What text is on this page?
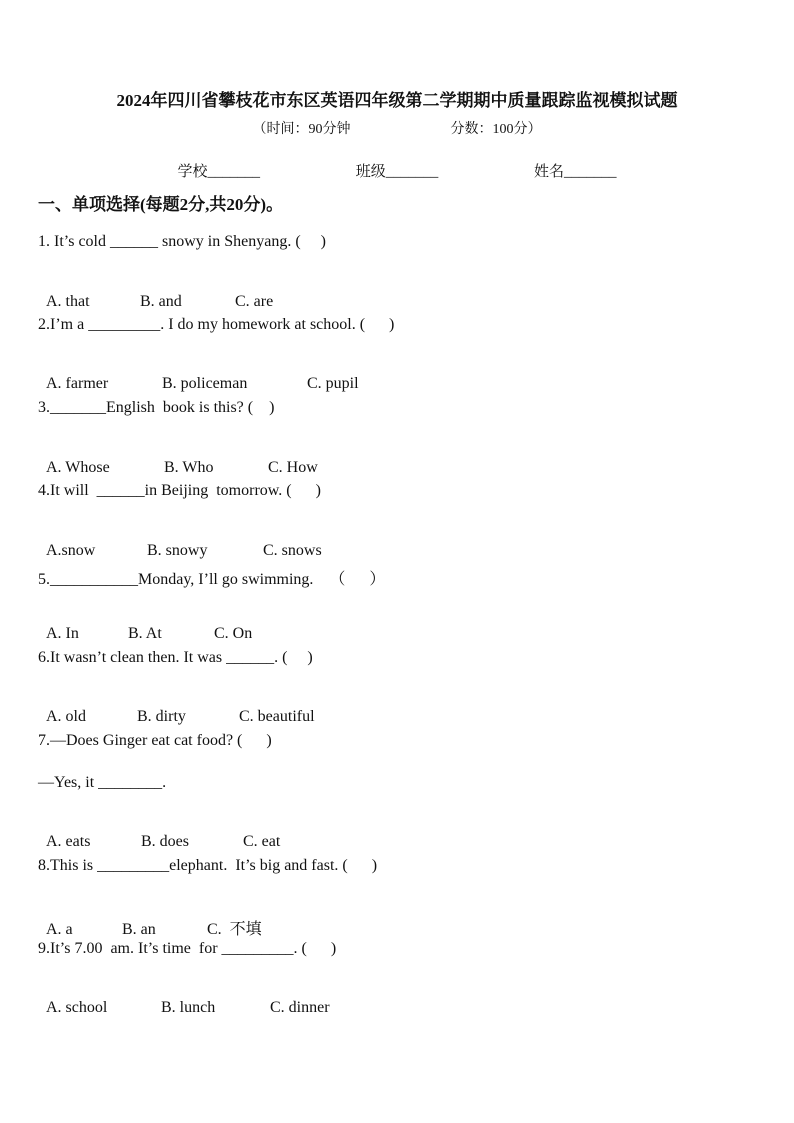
2024年四川省攀枝花市东区英语四年级第二学期期中质量跟踪监视模拟试题
（时间：90分钟	分数：100分）
学校_______	班级_______	姓名_______
一、单项选择(每题2分,共20分)。
1. It’s cold ______ snowy in Shenyang. (     )

A. that	B. and	C. are

2.I’m a _________. I do my homework at school. (      )

A. farmer	B. policeman	C. pupil

3._______English  book is this? (    )

A. Whose	B. Who	C. How

4.It will  ______in Beijing  tomorrow. (      )

A.snow	B. snowy	C. snows

5.___________Monday, I’ll go swimming.    （      ）

A. In	B. At	C. On

6.It wasn’t clean then. It was ______. (     )

A. old	B. dirty	C. beautiful

7.—Does Ginger eat cat food? (      )
—Yes, it ________.

A. eats	B. does	C. eat

8.This is _________elephant.  It’s big and fast. (      )

A. a	B. an	C.  不填

9.It’s 7.00  am. It’s time  for _________. (      )

A. school	B. lunch	C. dinner
